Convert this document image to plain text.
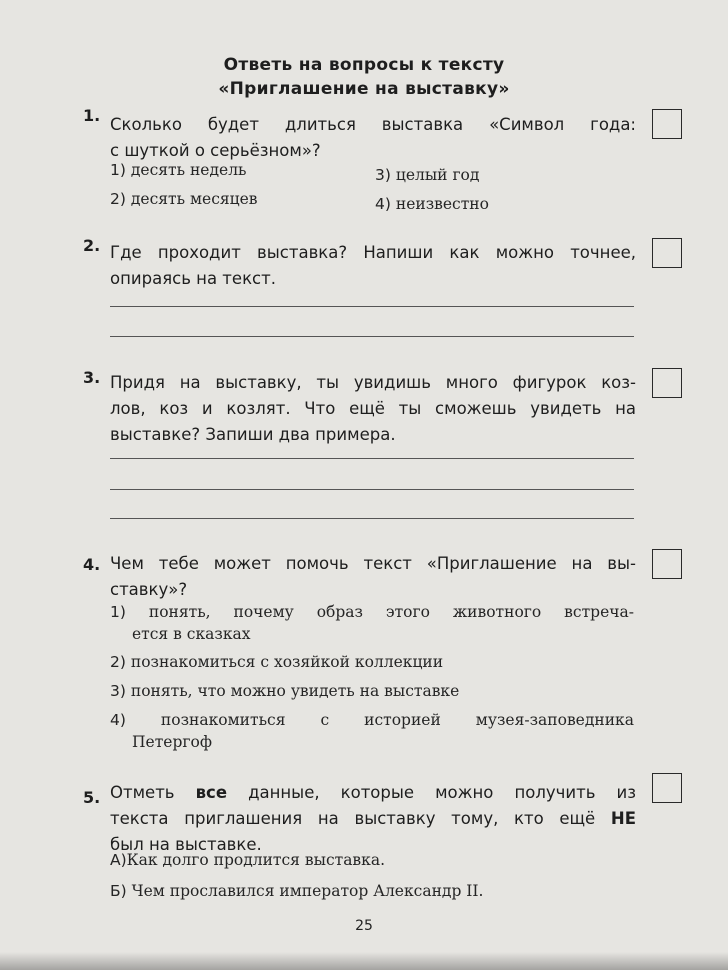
Ответь на вопросы к тексту
«Приглашение на выставку»
1. Сколько будет длиться выставка «Символ года:
с шуткой о серьёзном»?
1) десять недель
2) десять месяцев
3) целый год
4) неизвестно
2. Где проходит выставка? Напиши как можно точнее,
опираясь на текст.
3. Придя на выставку, ты увидишь много фигурок коз-
лов, коз и козлят. Что ещё ты сможешь увидеть на
выставке? Запиши два примера.
4. Чем тебе может помочь текст «Приглашение на вы-
ставку»?
1) понять, почему образ этого животного встреча-
ется в сказках
2) познакомиться с хозяйкой коллекции
3) понять, что можно увидеть на выставке
4) познакомиться с историей музея-заповедника
Петергоф
5. Отметь все данные, которые можно получить из
текста приглашения на выставку тому, кто ещё НЕ
был на выставке.
А)Как долго продлится выставка.
Б) Чем прославился император Александр II.
25
